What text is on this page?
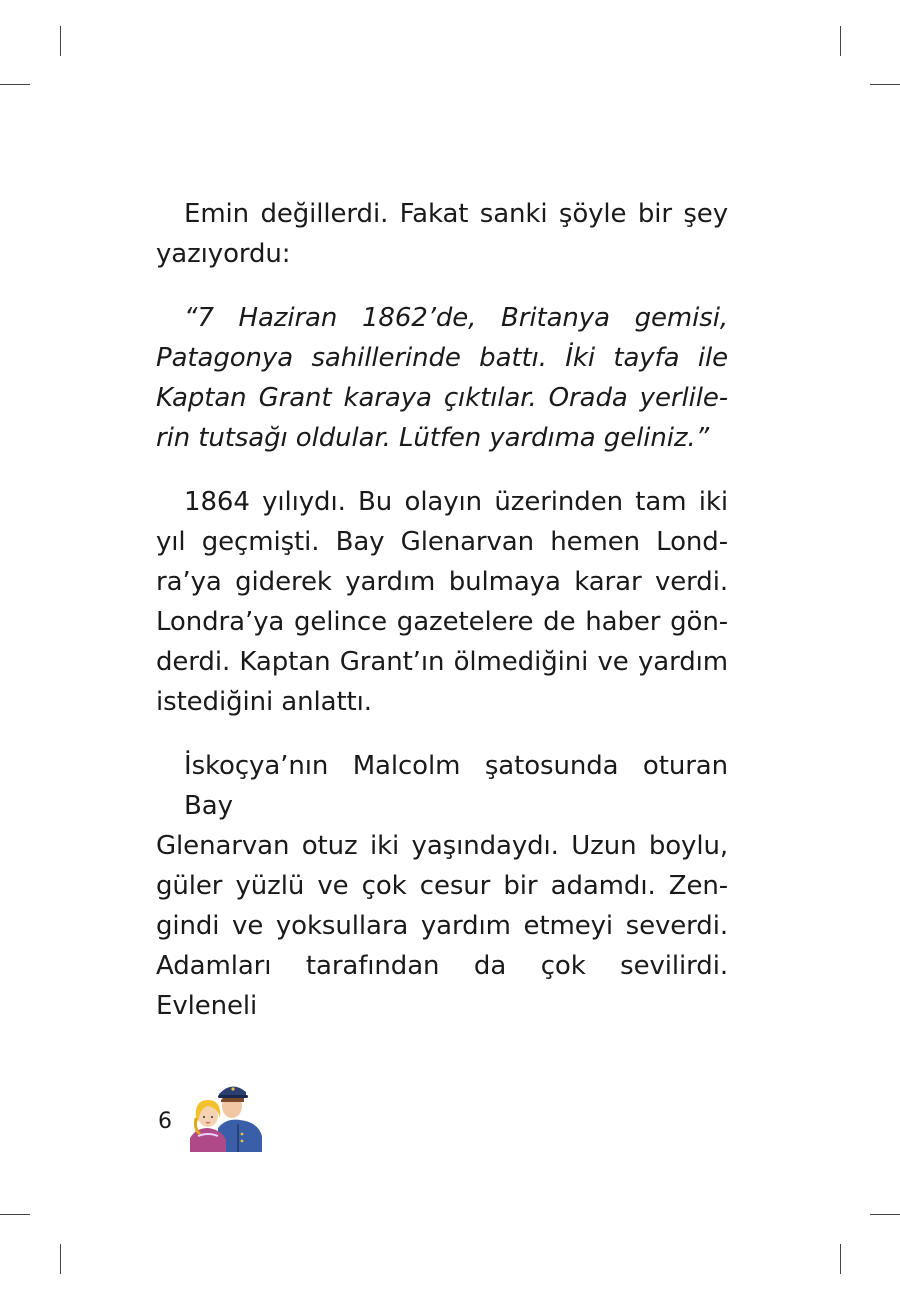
Emin değillerdi. Fakat sanki şöyle bir şey
yazıyordu:

“7 Haziran 1862’de, Britanya gemisi,
Patagonya sahillerinde battı. İki tayfa ile
Kaptan Grant karaya çıktılar. Orada yerlile-
rin tutsağı oldular. Lütfen yardıma geliniz.”

1864 yılıydı. Bu olayın üzerinden tam iki
yıl geçmişti. Bay Glenarvan hemen Lond-
ra’ya giderek yardım bulmaya karar verdi.
Londra’ya gelince gazetelere de haber gön-
derdi. Kaptan Grant’ın ölmediğini ve yardım
istediğini anlattı.

İskoçya’nın Malcolm şatosunda oturan Bay
Glenarvan otuz iki yaşındaydı. Uzun boylu,
güler yüzlü ve çok cesur bir adamdı. Zen-
gindi ve yoksullara yardım etmeyi severdi.
Adamları tarafından da çok sevilirdi. Evleneli

6
